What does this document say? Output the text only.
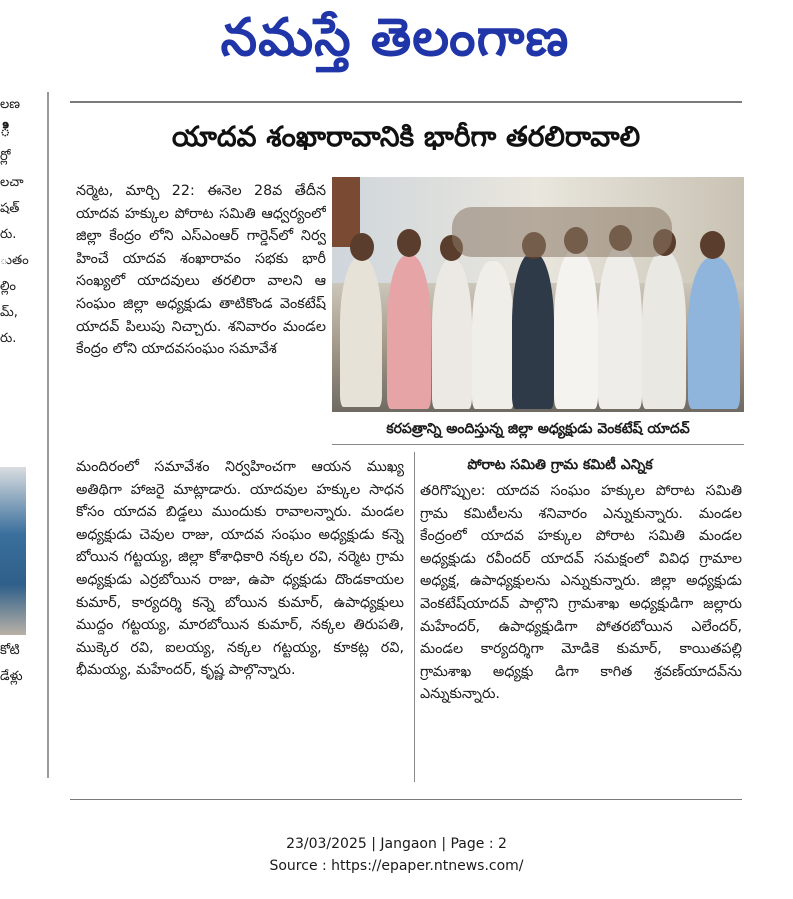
నమస్తే తెలంగాణ
లణ
ి
ర్లో
లచా
షత్
రు.
ుతం
ల్లిం
మ్,
రు.
కోటి
డేళ్లు
యాదవ శంఖారావానికి భారీగా తరలిరావాలి

నర్మెట, మార్చి 22: ఈనెల 28వ తేదీన యాదవ హక్కుల పోరాట సమితి ఆధ్వర్యంలో జిల్లా కేంద్రం లోని ఎస్‌ఎంఆర్ గార్డెన్‌లో నిర్వ హించే యాదవ శంఖారావం సభకు భారీ సంఖ్యలో యాదవులు తరలిరా వాలని ఆ సంఘం జిల్లా అధ్యక్షుడు తాటికొండ వెంకటేష్ యాదవ్ పిలుపు నిచ్చారు. శనివారం మండల కేంద్రం లోని యాదవసంఘం సమావేశ

కరపత్రాన్ని అందిస్తున్న జిల్లా అధ్యక్షుడు వెంకటేష్ యాదవ్

మందిరంలో సమావేశం నిర్వహించగా ఆయన ముఖ్య అతిథిగా హాజరై మాట్లాడారు. యాదవుల హక్కుల సాధన కోసం యాదవ బిడ్డలు ముందుకు రావాలన్నారు. మండల అధ్యక్షుడు చెవుల రాజు, యాదవ సంఘం అధ్యక్షుడు కన్నె బోయిన గట్టయ్య, జిల్లా కోశాధికారి నక్కల రవి, నర్మెట గ్రామ అధ్యక్షుడు ఎర్రబోయిన రాజు, ఉపా ధ్యక్షుడు దొండకాయల కుమార్, కార్యదర్శి కన్నె బోయిన కుమార్, ఉపాధ్యక్షులు ముద్దం గట్టయ్య, మారబోయిన కుమార్, నక్కల తిరుపతి, ముక్కెర రవి, ఐలయ్య, నక్కల గట్టయ్య, కూకట్ల రవి, భీమయ్య, మహేందర్, కృష్ణ పాల్గొన్నారు.

పోరాట సమితి గ్రామ కమిటీ ఎన్నిక

తరిగొప్పుల: యాదవ సంఘం హక్కుల పోరాట సమితి గ్రామ కమిటీలను శనివారం ఎన్నుకున్నారు. మండల కేంద్రంలో యాదవ హక్కుల పోరాట సమితి మండల అధ్యక్షుడు రవీందర్ యాదవ్ సమక్షంలో వివిధ గ్రామాల అధ్యక్ష, ఉపాధ్యక్షులను ఎన్నుకున్నారు. జిల్లా అధ్యక్షుడు వెంకటేష్‌యాదవ్ పాల్గొని గ్రామశాఖ అధ్యక్షుడిగా జల్లారు మహేందర్, ఉపాధ్యక్షుడిగా పోతరబోయిన ఎలేందర్, మండల కార్యదర్శిగా మోడికె కుమార్, కాయితపల్లి గ్రామశాఖ అధ్యక్షు డిగా కాగిత శ్రవణ్‌యాదవ్‌ను ఎన్నుకున్నారు.

23/03/2025 | Jangaon | Page : 2
Source : https://epaper.ntnews.com/
